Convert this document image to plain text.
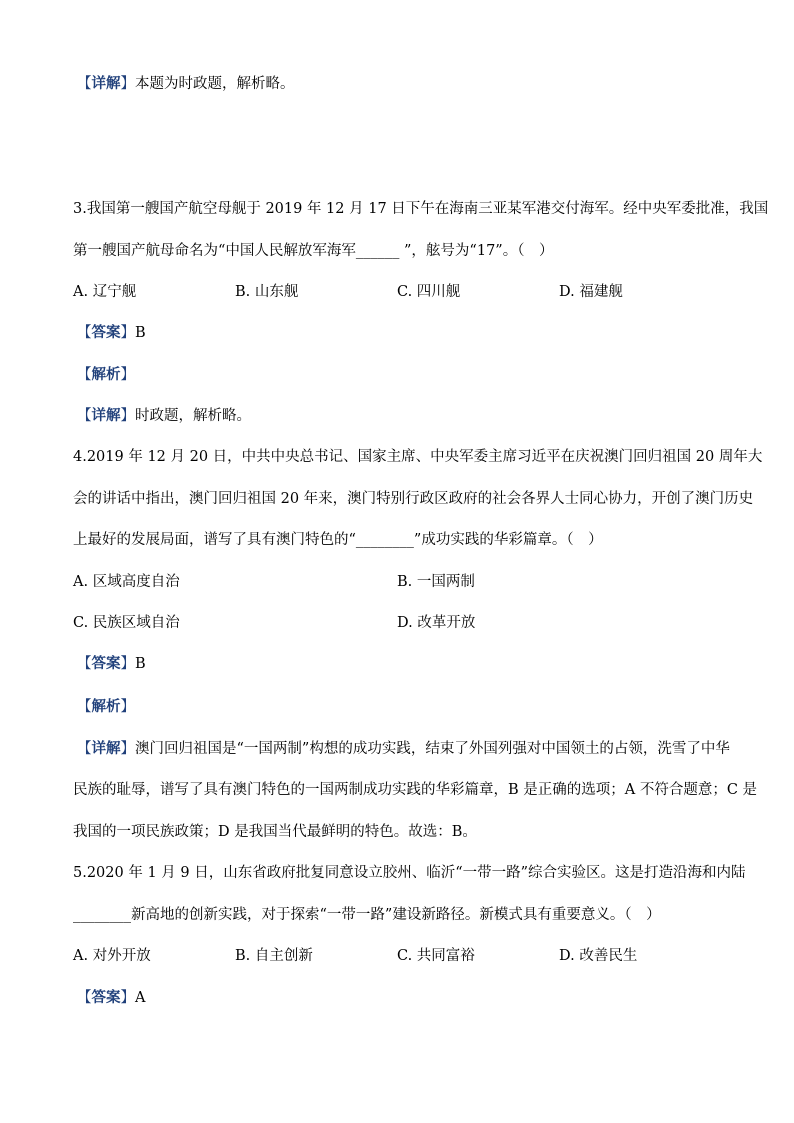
【详解】本题为时政题，解析略。
3.我国第一艘国产航空母舰于 2019 年 12 月 17 日下午在海南三亚某军港交付海军。经中央军委批准，我国
第一艘国产航母命名为“中国人民解放军海军______ ”，舷号为“17”。（　）
A. 辽宁舰	B. 山东舰	C. 四川舰	D. 福建舰
【答案】B
【解析】
【详解】时政题，解析略。
4.2019 年 12 月 20 日，中共中央总书记、国家主席、中央军委主席习近平在庆祝澳门回归祖国 20 周年大
会的讲话中指出，澳门回归祖国 20 年来，澳门特别行政区政府的社会各界人士同心协力，开创了澳门历史
上最好的发展局面，谱写了具有澳门特色的“________”成功实践的华彩篇章。（　）
A. 区域高度自治	B. 一国两制
C. 民族区域自治	D. 改革开放
【答案】B
【解析】
【详解】澳门回归祖国是“一国两制”构想的成功实践，结束了外国列强对中国领土的占领，洗雪了中华
民族的耻辱，谱写了具有澳门特色的一国两制成功实践的华彩篇章，B 是正确的选项；A 不符合题意；C 是
我国的一项民族政策；D 是我国当代最鲜明的特色。故选：B。
5.2020 年 1 月 9 日，山东省政府批复同意设立胶州、临沂“一带一路”综合实验区。这是打造沿海和内陆
________新高地的创新实践，对于探索“一带一路”建设新路径。新模式具有重要意义。（　）
A. 对外开放	B. 自主创新	C. 共同富裕	D. 改善民生
【答案】A
